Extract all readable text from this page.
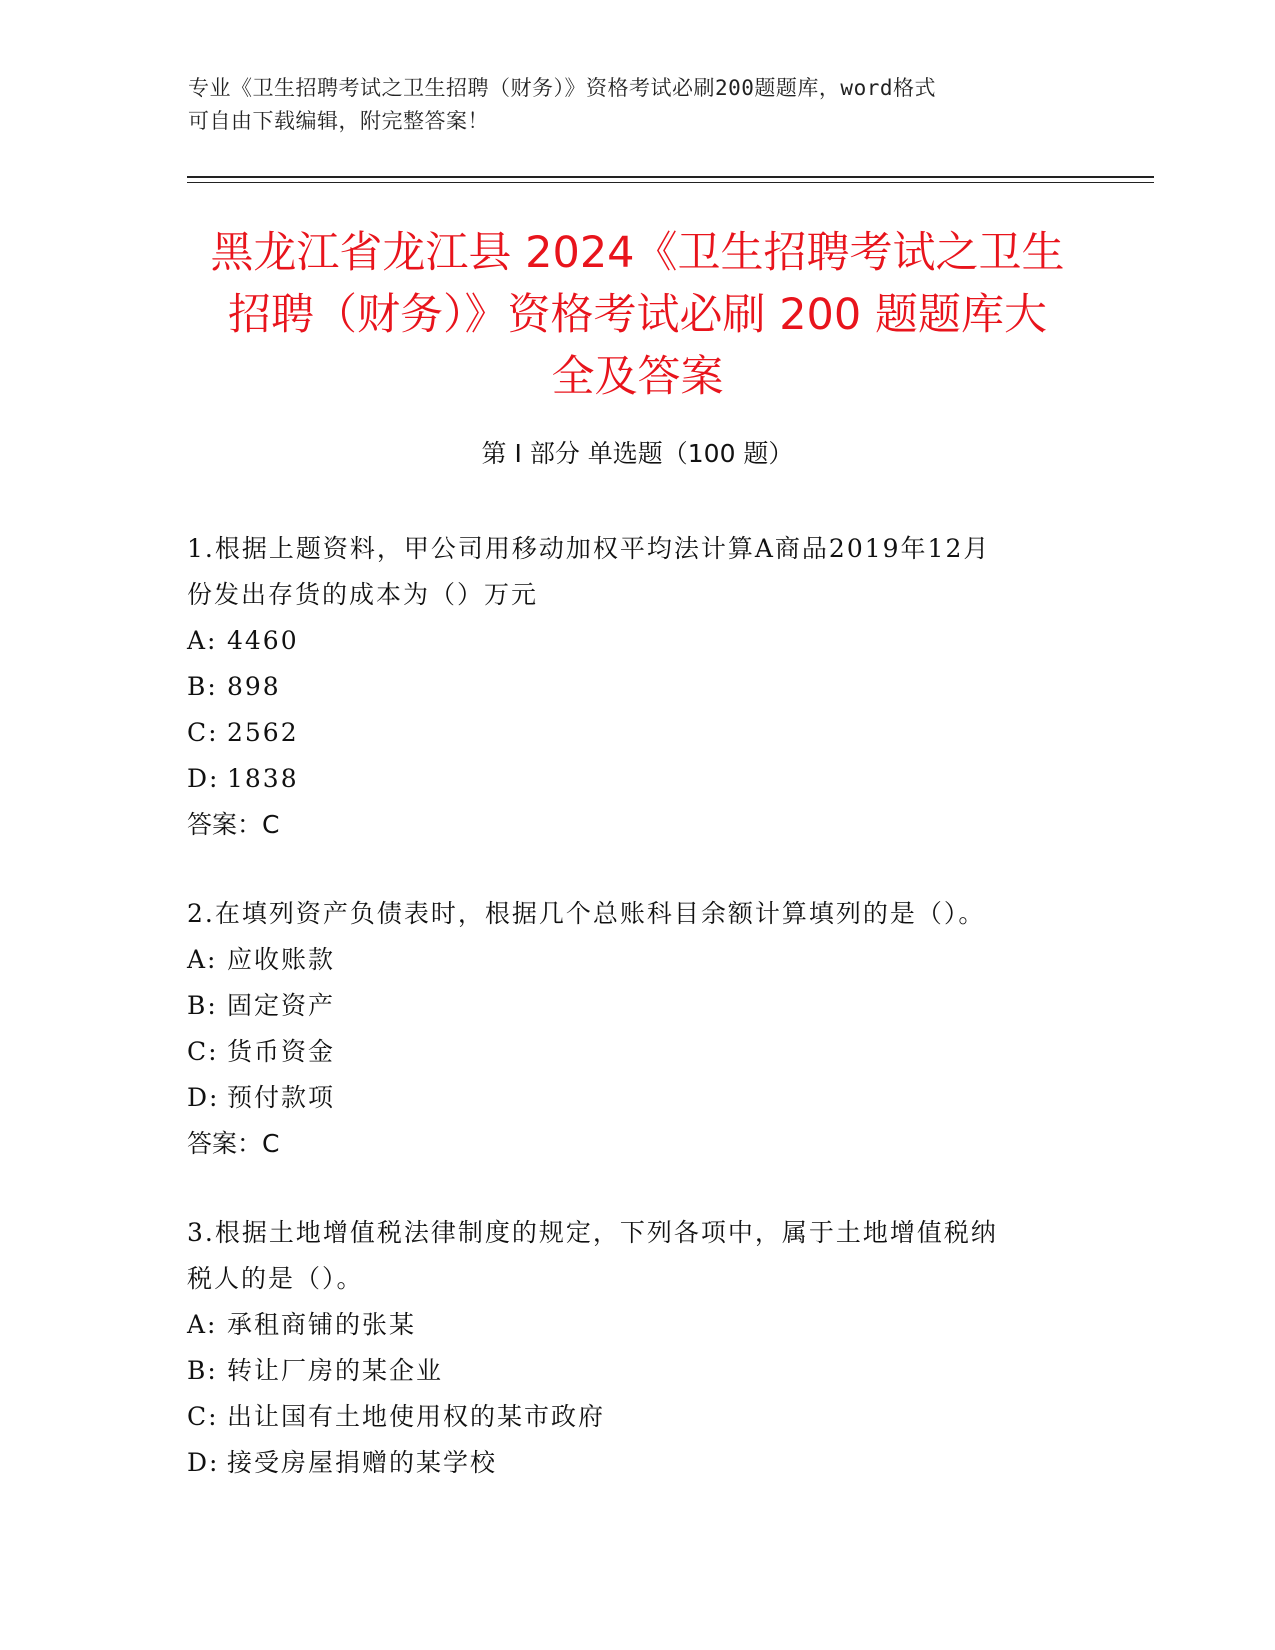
专业《卫生招聘考试之卫生招聘（财务）》资格考试必刷200题题库，word格式
可自由下载编辑，附完整答案！
黑龙江省龙江县 2024《卫生招聘考试之卫生
招聘（财务）》资格考试必刷 200 题题库大
全及答案
第 I 部分 单选题（100 题）
1.根据上题资料，甲公司用移动加权平均法计算A商品2019年12月
份发出存货的成本为（）万元
A: 4460
B: 898
C: 2562
D: 1838
答案：C
2.在填列资产负债表时，根据几个总账科目余额计算填列的是（）。
A: 应收账款
B: 固定资产
C: 货币资金
D: 预付款项
答案：C
3.根据土地增值税法律制度的规定，下列各项中，属于土地增值税纳
税人的是（）。
A: 承租商铺的张某
B: 转让厂房的某企业
C: 出让国有土地使用权的某市政府
D: 接受房屋捐赠的某学校
